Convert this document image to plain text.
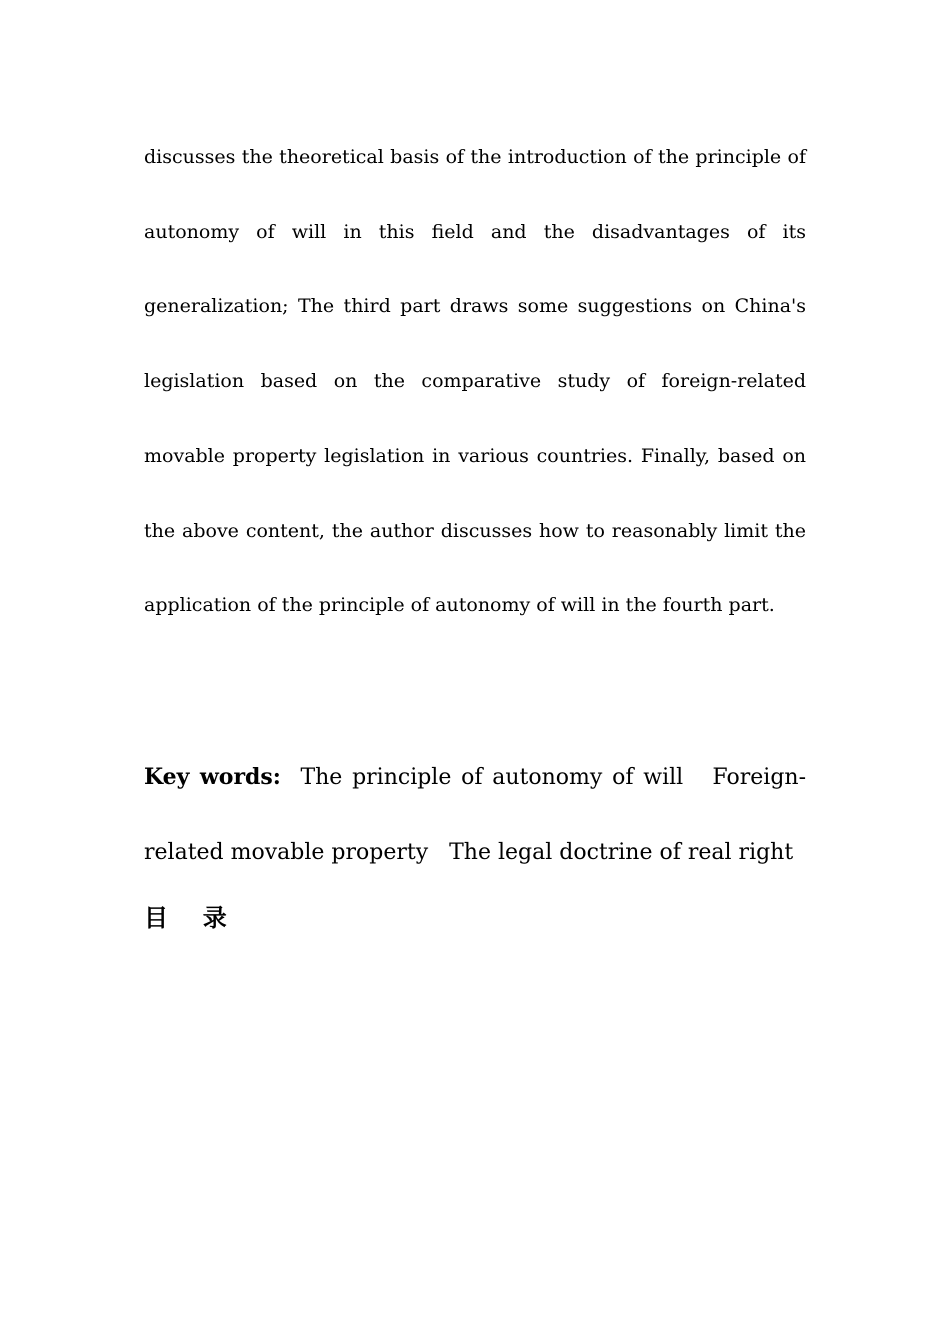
discusses the theoretical basis of the introduction of the principle of autonomy of will in this field and the disadvantages of its generalization; The third part draws some suggestions on China's legislation based on the comparative study of foreign-related movable property legislation in various countries. Finally, based on the above content, the author discusses how to reasonably limit the application of the principle of autonomy of will in the fourth part.

Key words:  The principle of autonomy of will   Foreign-related movable property   The legal doctrine of real right

目 录
